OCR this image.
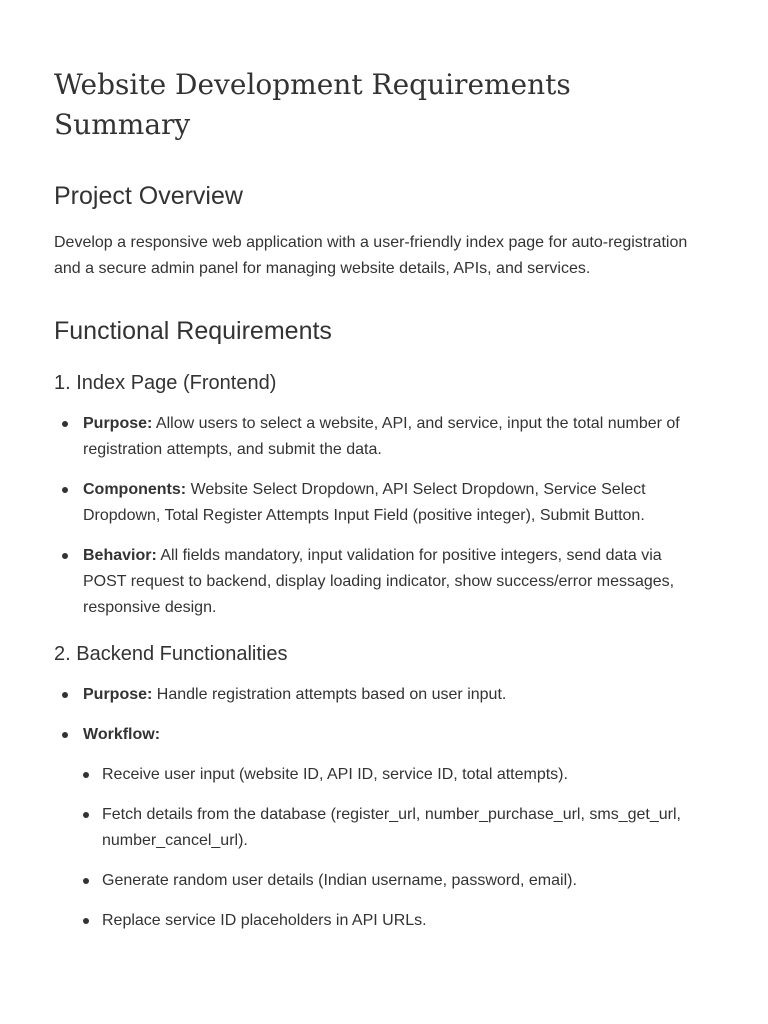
Website Development Requirements Summary
Project Overview

Develop a responsive web application with a user-friendly index page for auto-registration and a secure admin panel for managing website details, APIs, and services.

Functional Requirements
1. Index Page (Frontend)
Purpose: Allow users to select a website, API, and service, input the total number of registration attempts, and submit the data.
Components: Website Select Dropdown, API Select Dropdown, Service Select Dropdown, Total Register Attempts Input Field (positive integer), Submit Button.
Behavior: All fields mandatory, input validation for positive integers, send data via POST request to backend, display loading indicator, show success/error messages, responsive design.
2. Backend Functionalities
Purpose: Handle registration attempts based on user input.
Workflow:
Receive user input (website ID, API ID, service ID, total attempts).
Fetch details from the database (register_url, number_purchase_url, sms_get_url, number_cancel_url).
Generate random user details (Indian username, password, email).
Replace service ID placeholders in API URLs.
